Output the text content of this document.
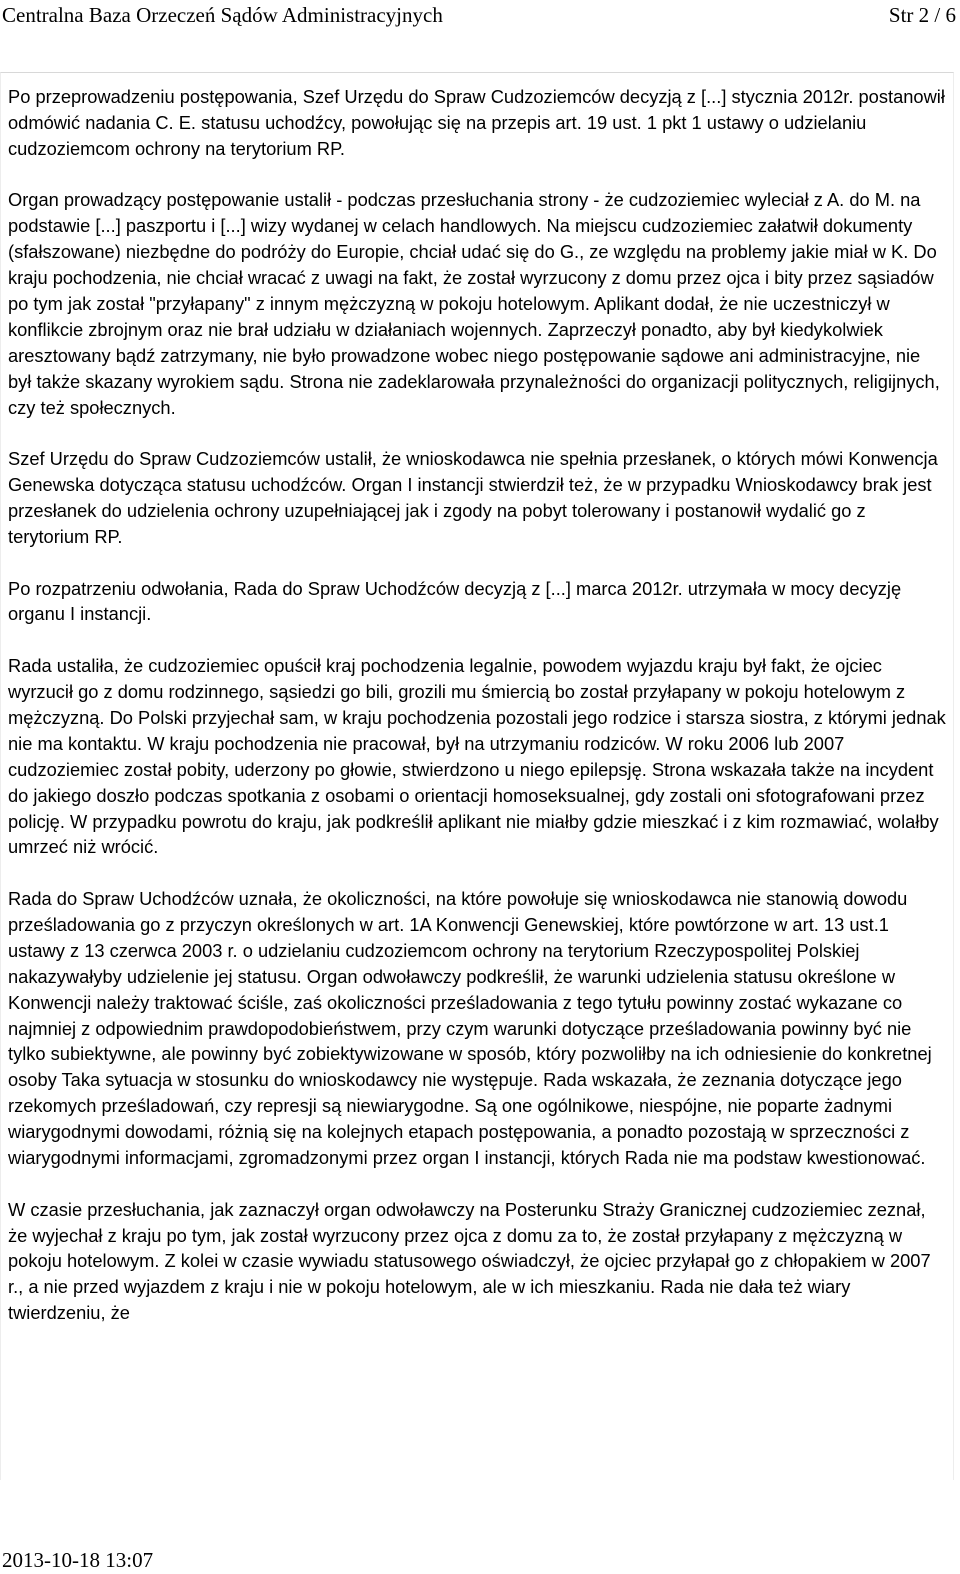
Centralna Baza Orzeczeń Sądów Administracyjnych	Str 2 / 6

Po przeprowadzeniu postępowania, Szef Urzędu do Spraw Cudzoziemców decyzją z [...] stycznia 2012r. postanowił odmówić nadania C. E. statusu uchodźcy, powołując się na przepis art. 19 ust. 1 pkt 1 ustawy o udzielaniu cudzoziemcom ochrony na terytorium RP.

Organ prowadzący postępowanie ustalił - podczas przesłuchania strony - że cudzoziemiec wyleciał z A. do M. na podstawie [...] paszportu i [...] wizy wydanej w celach handlowych. Na miejscu cudzoziemiec załatwił dokumenty (sfałszowane) niezbędne do podróży do Europie, chciał udać się do G., ze względu na problemy jakie miał w K. Do kraju pochodzenia, nie chciał wracać z uwagi na fakt, że został wyrzucony z domu przez ojca i bity przez sąsiadów po tym jak został "przyłapany" z innym mężczyzną w pokoju hotelowym. Aplikant dodał, że nie uczestniczył w konflikcie zbrojnym oraz nie brał udziału w działaniach wojennych. Zaprzeczył ponadto, aby był kiedykolwiek aresztowany bądź zatrzymany, nie było prowadzone wobec niego postępowanie sądowe ani administracyjne, nie był także skazany wyrokiem sądu. Strona nie zadeklarowała przynależności do organizacji politycznych, religijnych, czy też społecznych.

Szef Urzędu do Spraw Cudzoziemców ustalił, że wnioskodawca nie spełnia przesłanek, o których mówi Konwencja Genewska dotycząca statusu uchodźców. Organ I instancji stwierdził też, że w przypadku Wnioskodawcy brak jest przesłanek do udzielenia ochrony uzupełniającej jak i zgody na pobyt tolerowany i postanowił wydalić go z terytorium RP.

Po rozpatrzeniu odwołania, Rada do Spraw Uchodźców decyzją z [...] marca 2012r. utrzymała w mocy decyzję organu I instancji.

Rada ustaliła, że cudzoziemiec opuścił kraj pochodzenia legalnie, powodem wyjazdu kraju był fakt, że ojciec wyrzucił go z domu rodzinnego, sąsiedzi go bili, grozili mu śmiercią bo został przyłapany w pokoju hotelowym z mężczyzną. Do Polski przyjechał sam, w kraju pochodzenia pozostali jego rodzice i starsza siostra, z którymi jednak nie ma kontaktu. W kraju pochodzenia nie pracował, był na utrzymaniu rodziców. W roku 2006 lub 2007 cudzoziemiec został pobity, uderzony po głowie, stwierdzono u niego epilepsję. Strona wskazała także na incydent do jakiego doszło podczas spotkania z osobami o orientacji homoseksualnej, gdy zostali oni sfotografowani przez policję. W przypadku powrotu do kraju, jak podkreślił aplikant nie miałby gdzie mieszkać i z kim rozmawiać, wolałby umrzeć niż wrócić.

Rada do Spraw Uchodźców uznała, że okoliczności, na które powołuje się wnioskodawca nie stanowią dowodu prześladowania go z przyczyn określonych w art. 1A Konwencji Genewskiej, które powtórzone w art. 13 ust.1 ustawy z 13 czerwca 2003 r. o udzielaniu cudzoziemcom ochrony na terytorium Rzeczypospolitej Polskiej nakazywałyby udzielenie jej statusu. Organ odwoławczy podkreślił, że warunki udzielenia statusu określone w Konwencji należy traktować ściśle, zaś okoliczności prześladowania z tego tytułu powinny zostać wykazane co najmniej z odpowiednim prawdopodobieństwem, przy czym warunki dotyczące prześladowania powinny być nie tylko subiektywne, ale powinny być zobiektywizowane w sposób, który pozwoliłby na ich odniesienie do konkretnej osoby Taka sytuacja w stosunku do wnioskodawcy nie występuje. Rada wskazała, że zeznania dotyczące jego rzekomych prześladowań, czy represji są niewiarygodne. Są one ogólnikowe, niespójne, nie poparte żadnymi wiarygodnymi dowodami, różnią się na kolejnych etapach postępowania, a ponadto pozostają w sprzeczności z wiarygodnymi informacjami, zgromadzonymi przez organ I instancji, których Rada nie ma podstaw kwestionować.

W czasie przesłuchania, jak zaznaczył organ odwoławczy na Posterunku Straży Granicznej cudzoziemiec zeznał, że wyjechał z kraju po tym, jak został wyrzucony przez ojca z domu za to, że został przyłapany z mężczyzną w pokoju hotelowym. Z kolei w czasie wywiadu statusowego oświadczył, że ojciec przyłapał go z chłopakiem w 2007 r., a nie przed wyjazdem z kraju i nie w pokoju hotelowym, ale w ich mieszkaniu. Rada nie dała też wiary twierdzeniu, że

2013-10-18 13:07
